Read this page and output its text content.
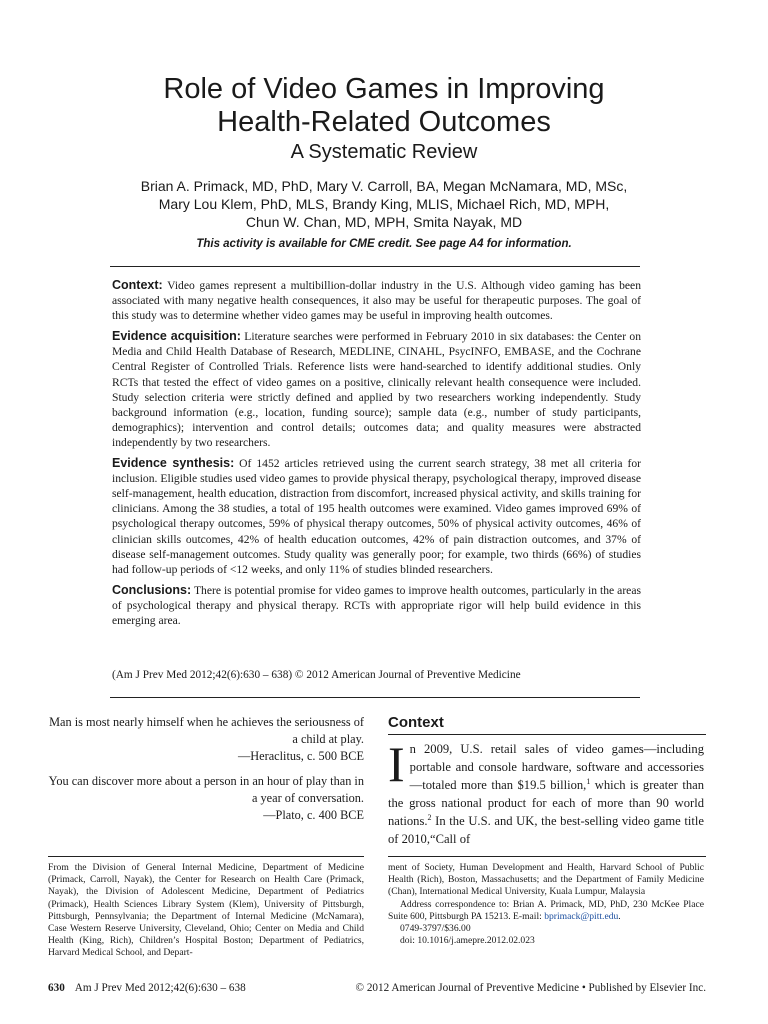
Role of Video Games in Improving
Health-Related Outcomes
A Systematic Review
Brian A. Primack, MD, PhD, Mary V. Carroll, BA, Megan McNamara, MD, MSc,
Mary Lou Klem, PhD, MLS, Brandy King, MLIS, Michael Rich, MD, MPH,
Chun W. Chan, MD, MPH, Smita Nayak, MD
This activity is available for CME credit. See page A4 for information.

Context: Video games represent a multibillion-dollar industry in the U.S. Although video gaming has been associated with many negative health consequences, it also may be useful for therapeutic purposes. The goal of this study was to determine whether video games may be useful in improving health outcomes.

Evidence acquisition: Literature searches were performed in February 2010 in six databases: the Center on Media and Child Health Database of Research, MEDLINE, CINAHL, PsycINFO, EMBASE, and the Cochrane Central Register of Controlled Trials. Reference lists were hand-searched to identify additional studies. Only RCTs that tested the effect of video games on a positive, clinically relevant health consequence were included. Study selection criteria were strictly defined and applied by two researchers working independently. Study background information (e.g., location, funding source); sample data (e.g., number of study participants, demographics); intervention and control details; outcomes data; and quality measures were abstracted independently by two researchers.

Evidence synthesis: Of 1452 articles retrieved using the current search strategy, 38 met all criteria for inclusion. Eligible studies used video games to provide physical therapy, psychological therapy, improved disease self-management, health education, distraction from discomfort, increased physical activity, and skills training for clinicians. Among the 38 studies, a total of 195 health outcomes were examined. Video games improved 69% of psychological therapy outcomes, 59% of physical therapy outcomes, 50% of physical activity outcomes, 46% of clinician skills outcomes, 42% of health education outcomes, 42% of pain distraction outcomes, and 37% of disease self-management outcomes. Study quality was generally poor; for example, two thirds (66%) of studies had follow-up periods of <12 weeks, and only 11% of studies blinded researchers.

Conclusions: There is potential promise for video games to improve health outcomes, particularly in the areas of psychological therapy and physical therapy. RCTs with appropriate rigor will help build evidence in this emerging area.

(Am J Prev Med 2012;42(6):630 – 638) © 2012 American Journal of Preventive Medicine

Man is most nearly himself when he achieves the seriousness of a child at play.
—Heraclitus, c. 500 BCE

You can discover more about a person in an hour of play than in a year of conversation.
—Plato, c. 400 BCE

Context

In 2009, U.S. retail sales of video games—including portable and console hardware, software and accessories—totaled more than $19.5 billion,$^1$ which is greater than the gross national product for each of more than 90 world nations.$^2$ In the U.S. and UK, the best-selling video game title of 2010,“Call of

From the Division of General Internal Medicine, Department of Medicine (Primack, Carroll, Nayak), the Center for Research on Health Care (Primack, Nayak), the Division of Adolescent Medicine, Department of Pediatrics (Primack), Health Sciences Library System (Klem), University of Pittsburgh, Pittsburgh, Pennsylvania; the Department of Internal Medicine (McNamara), Case Western Reserve University, Cleveland, Ohio; Center on Media and Child Health (King, Rich), Children’s Hospital Boston; Department of Pediatrics, Harvard Medical School, and Depart-

ment of Society, Human Development and Health, Harvard School of Public Health (Rich), Boston, Massachusetts; and the Department of Family Medicine (Chan), International Medical University, Kuala Lumpur, Malaysia

Address correspondence to: Brian A. Primack, MD, PhD, 230 McKee Place Suite 600, Pittsburgh PA 15213. E-mail: bprimack@pitt.edu.

0749-3797/$36.00

doi: 10.1016/j.amepre.2012.02.023

630 Am J Prev Med 2012;42(6):630 – 638	© 2012 American Journal of Preventive Medicine • Published by Elsevier Inc.
